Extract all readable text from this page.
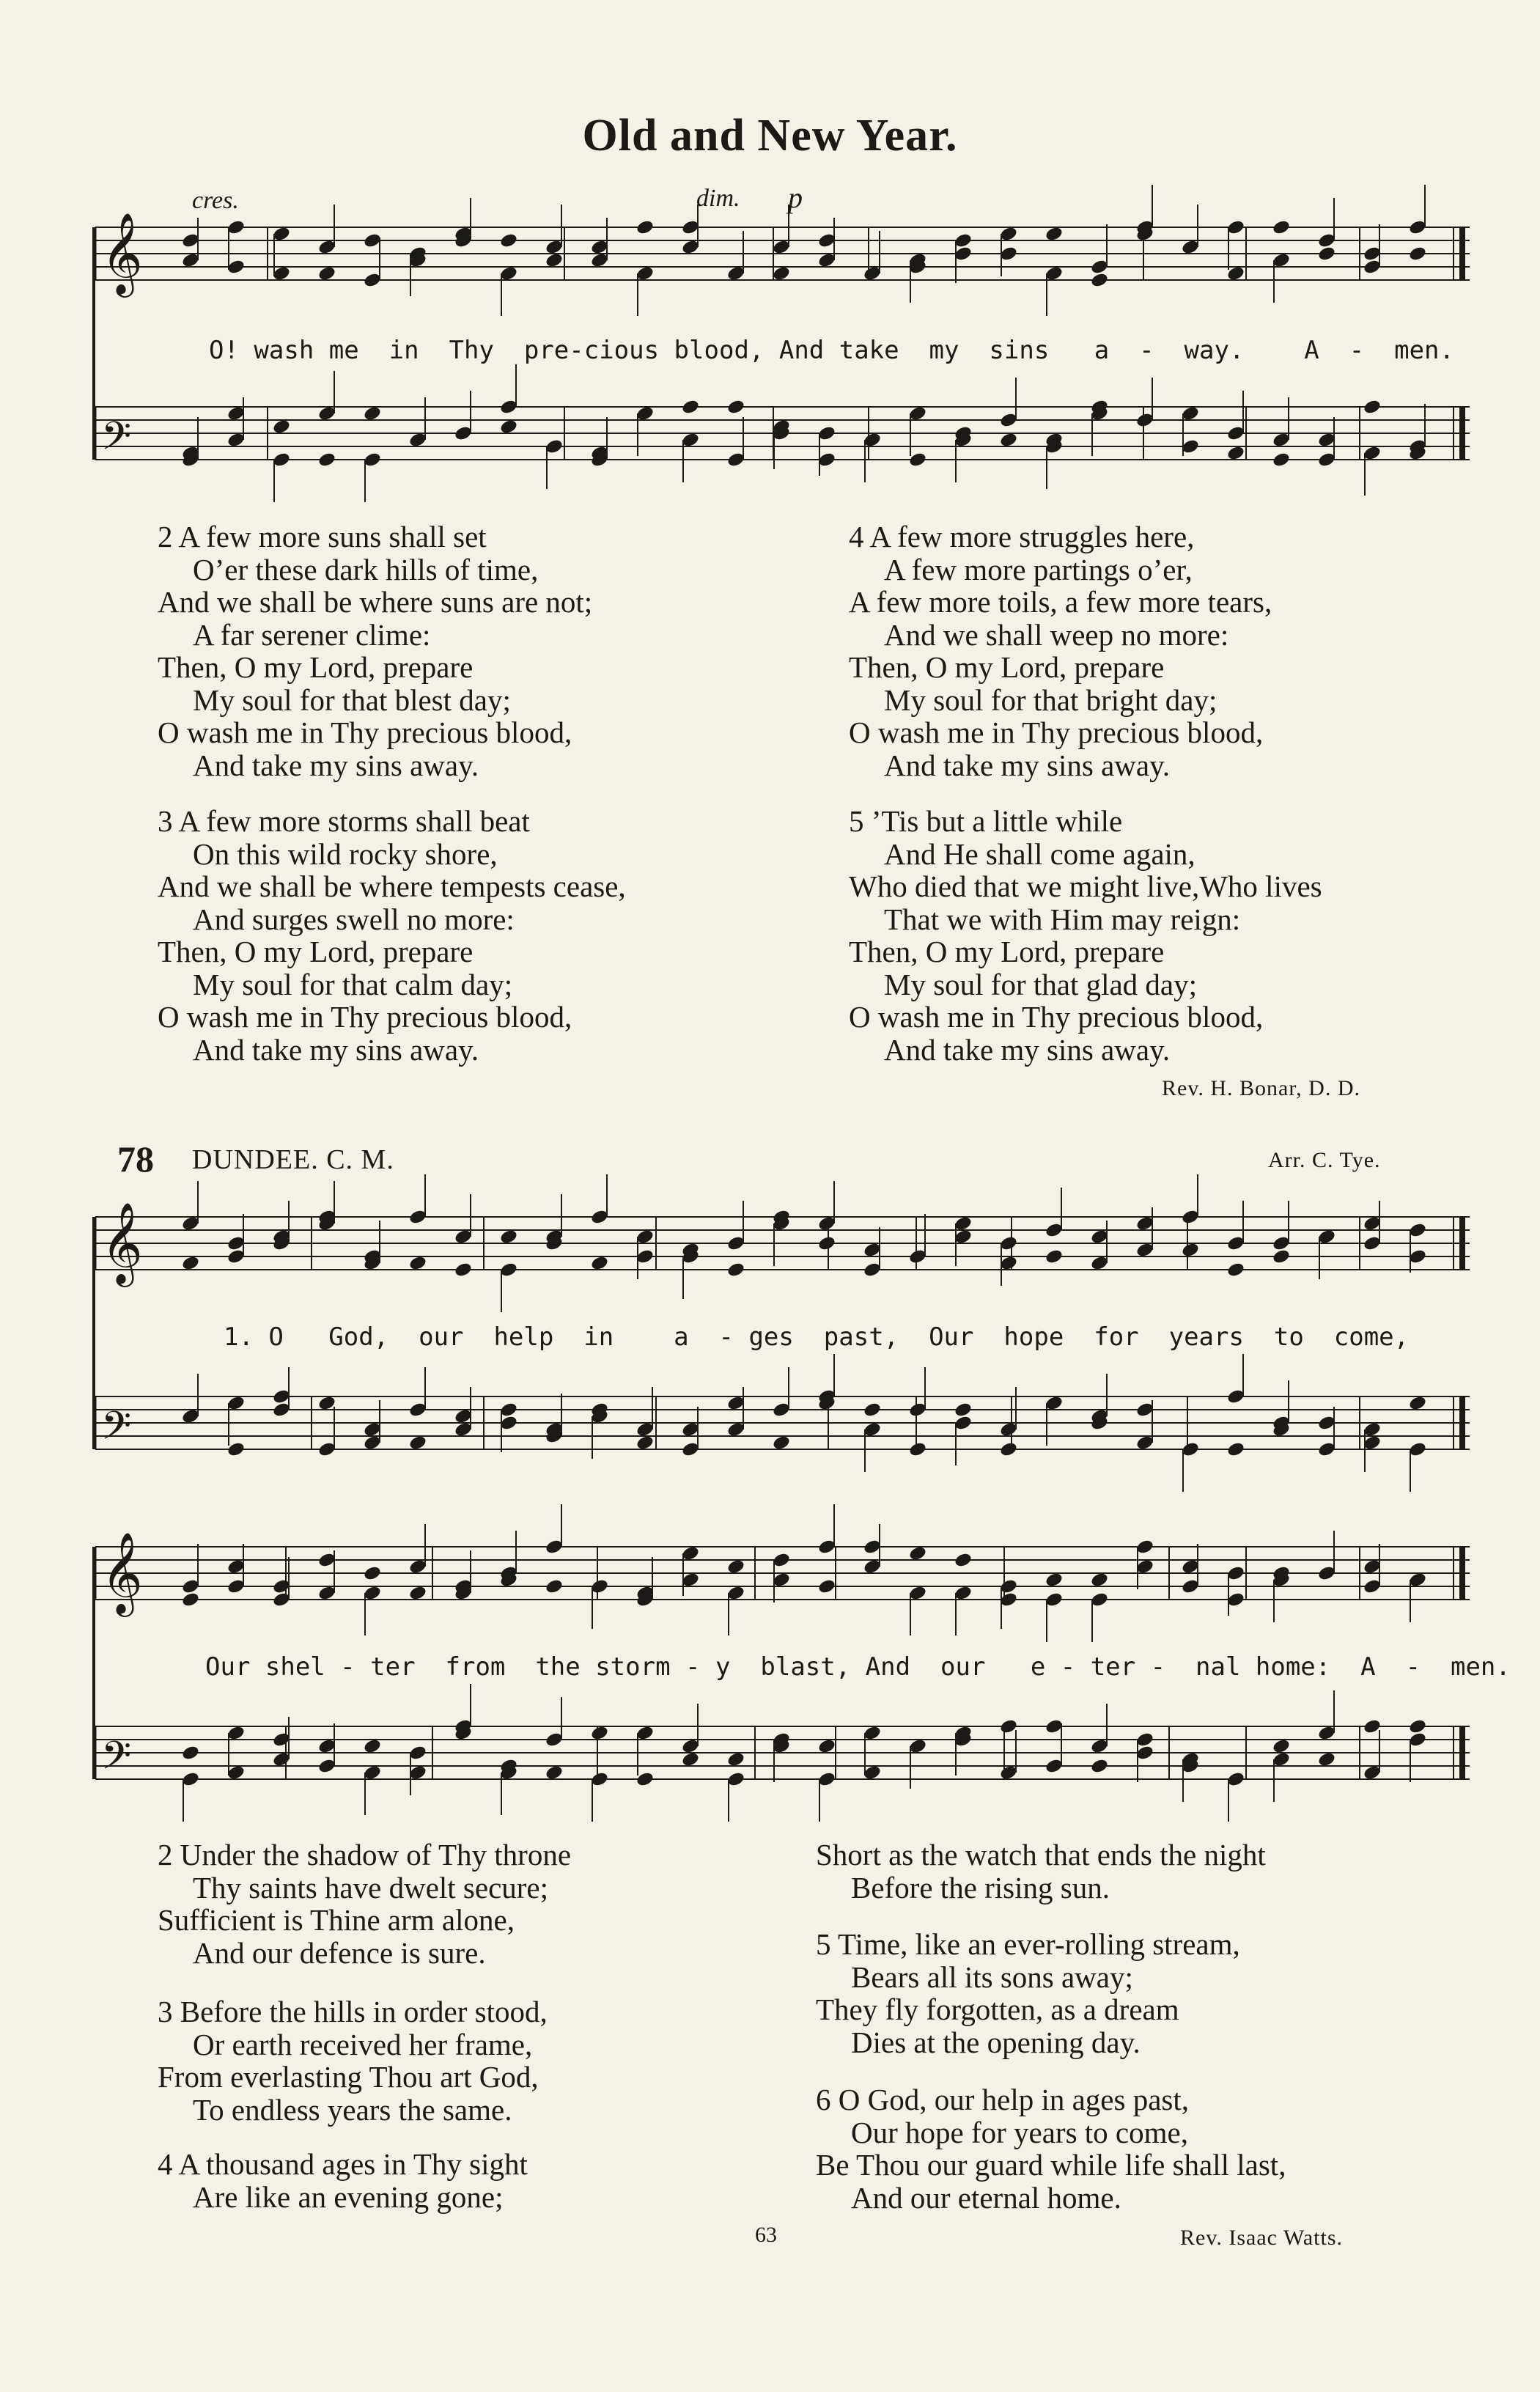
Old and New Year.
𝄞
𝄢
𝄞
𝄢
𝄞
𝄢
cres.	dim. p
O! wash me  in  Thy  pre-cious blood, And take  my  sins   a  -  way.    A  -  men.
2 A few more suns shall set
O’er these dark hills of time,
And we shall be where suns are not;
A far serener clime:
Then, O my Lord, prepare
My soul for that blest day;
O wash me in Thy precious blood,
And take my sins away.
3 A few more storms shall beat
On this wild rocky shore,
And we shall be where tempests cease,
And surges swell no more:
Then, O my Lord, prepare
My soul for that calm day;
O wash me in Thy precious blood,
And take my sins away.
4 A few more struggles here,
A few more partings o’er,
A few more toils, a few more tears,
And we shall weep no more:
Then, O my Lord, prepare
My soul for that bright day;
O wash me in Thy precious blood,
And take my sins away.
5 ’Tis but a little while
And He shall come again,
Who died that we might live,Who lives
That we with Him may reign:
Then, O my Lord, prepare
My soul for that glad day;
O wash me in Thy precious blood,
And take my sins away.
Rev. H. Bonar, D. D.
78 DUNDEE. C. M.	Arr. C. Tye.
1. O   God,  our  help  in    a  - ges  past,  Our  hope  for  years  to  come,
Our shel - ter  from  the storm - y  blast, And  our   e - ter -  nal home:  A  -  men.
2 Under the shadow of Thy throne
Thy saints have dwelt secure;
Sufficient is Thine arm alone,
And our defence is sure.
3 Before the hills in order stood,
Or earth received her frame,
From everlasting Thou art God,
To endless years the same.
4 A thousand ages in Thy sight
Are like an evening gone;
Short as the watch that ends the night
Before the rising sun.
5 Time, like an ever-rolling stream,
Bears all its sons away;
They fly forgotten, as a dream
Dies at the opening day.
6 O God, our help in ages past,
Our hope for years to come,
Be Thou our guard while life shall last,
And our eternal home.
Rev. Isaac Watts.
63
